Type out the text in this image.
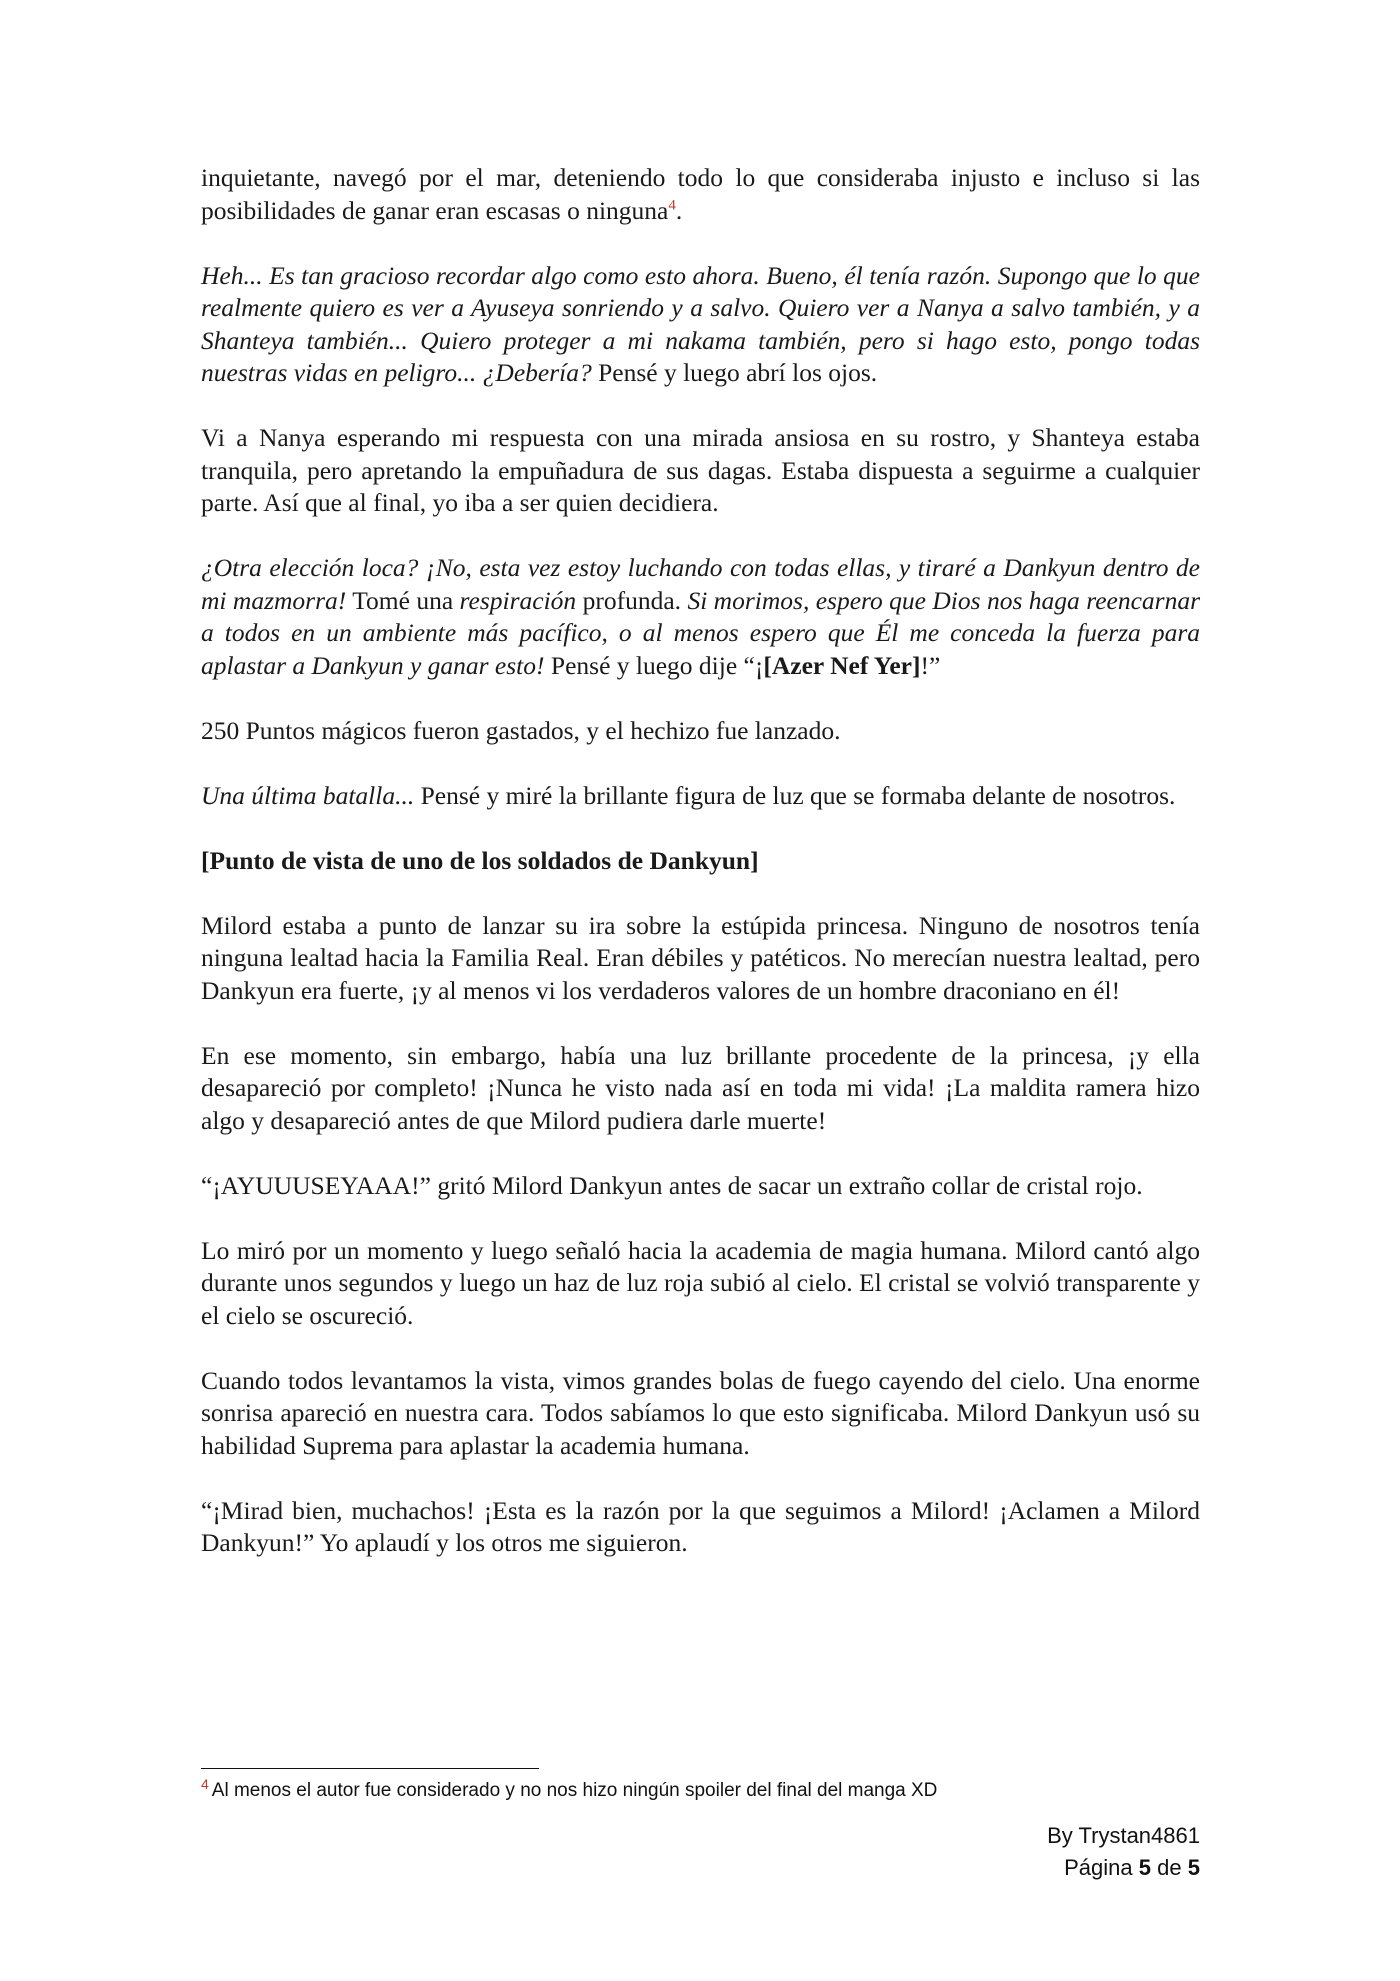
inquietante, navegó por el mar, deteniendo todo lo que consideraba injusto e incluso si las posibilidades de ganar eran escasas o ninguna$^4$.

Heh... Es tan gracioso recordar algo como esto ahora. Bueno, él tenía razón. Supongo que lo que realmente quiero es ver a Ayuseya sonriendo y a salvo. Quiero ver a Nanya a salvo también, y a Shanteya también... Quiero proteger a mi nakama también, pero si hago esto, pongo todas nuestras vidas en peligro... ¿Debería? Pensé y luego abrí los ojos.

Vi a Nanya esperando mi respuesta con una mirada ansiosa en su rostro, y Shanteya estaba tranquila, pero apretando la empuñadura de sus dagas. Estaba dispuesta a seguirme a cualquier parte. Así que al final, yo iba a ser quien decidiera.

¿Otra elección loca? ¡No, esta vez estoy luchando con todas ellas, y tiraré a Dankyun dentro de mi mazmorra! Tomé una respiración profunda. Si morimos, espero que Dios nos haga reencarnar a todos en un ambiente más pacífico, o al menos espero que Él me conceda la fuerza para aplastar a Dankyun y ganar esto! Pensé y luego dije “¡[Azer Nef Yer]!”

250 Puntos mágicos fueron gastados, y el hechizo fue lanzado.

Una última batalla... Pensé y miré la brillante figura de luz que se formaba delante de nosotros.

[Punto de vista de uno de los soldados de Dankyun]

Milord estaba a punto de lanzar su ira sobre la estúpida princesa. Ninguno de nosotros tenía ninguna lealtad hacia la Familia Real. Eran débiles y patéticos. No merecían nuestra lealtad, pero Dankyun era fuerte, ¡y al menos vi los verdaderos valores de un hombre draconiano en él!

En ese momento, sin embargo, había una luz brillante procedente de la princesa, ¡y ella desapareció por completo! ¡Nunca he visto nada así en toda mi vida! ¡La maldita ramera hizo algo y desapareció antes de que Milord pudiera darle muerte!

“¡AYUUUSEYAAA!” gritó Milord Dankyun antes de sacar un extraño collar de cristal rojo.

Lo miró por un momento y luego señaló hacia la academia de magia humana. Milord cantó algo durante unos segundos y luego un haz de luz roja subió al cielo. El cristal se volvió transparente y el cielo se oscureció.

Cuando todos levantamos la vista, vimos grandes bolas de fuego cayendo del cielo. Una enorme sonrisa apareció en nuestra cara. Todos sabíamos lo que esto significaba. Milord Dankyun usó su habilidad Suprema para aplastar la academia humana.

“¡Mirad bien, muchachos! ¡Esta es la razón por la que seguimos a Milord! ¡Aclamen a Milord Dankyun!” Yo aplaudí y los otros me siguieron.

$^4$ Al menos el autor fue considerado y no nos hizo ningún spoiler del final del manga XD
By Trystan4861
Página 5 de 5
